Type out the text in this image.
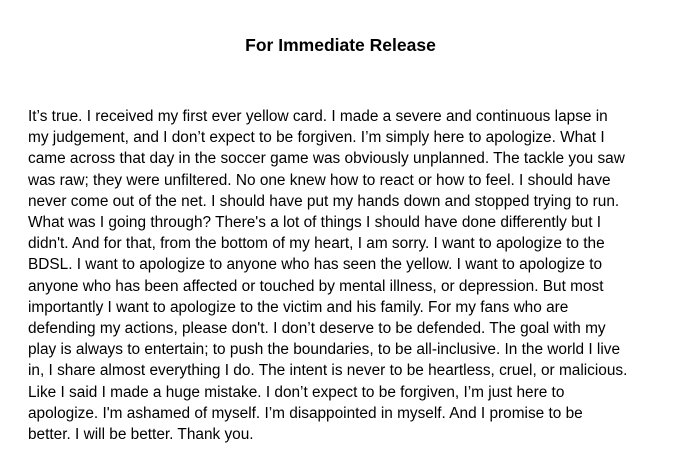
For Immediate Release

It’s true. I received my first ever yellow card. I made a severe and continuous lapse in
my judgement, and I don’t expect to be forgiven. I’m simply here to apologize. What I
came across that day in the soccer game was obviously unplanned. The tackle you saw
was raw; they were unfiltered. No one knew how to react or how to feel. I should have
never come out of the net. I should have put my hands down and stopped trying to run.
What was I going through? There's a lot of things I should have done differently but I
didn't. And for that, from the bottom of my heart, I am sorry. I want to apologize to the
BDSL. I want to apologize to anyone who has seen the yellow. I want to apologize to
anyone who has been affected or touched by mental illness, or depression. But most
importantly I want to apologize to the victim and his family. For my fans who are
defending my actions, please don't. I don’t deserve to be defended. The goal with my
play is always to entertain; to push the boundaries, to be all-inclusive. In the world I live
in, I share almost everything I do. The intent is never to be heartless, cruel, or malicious.
Like I said I made a huge mistake. I don’t expect to be forgiven, I’m just here to
apologize. I'm ashamed of myself. I’m disappointed in myself. And I promise to be
better. I will be better. Thank you.
